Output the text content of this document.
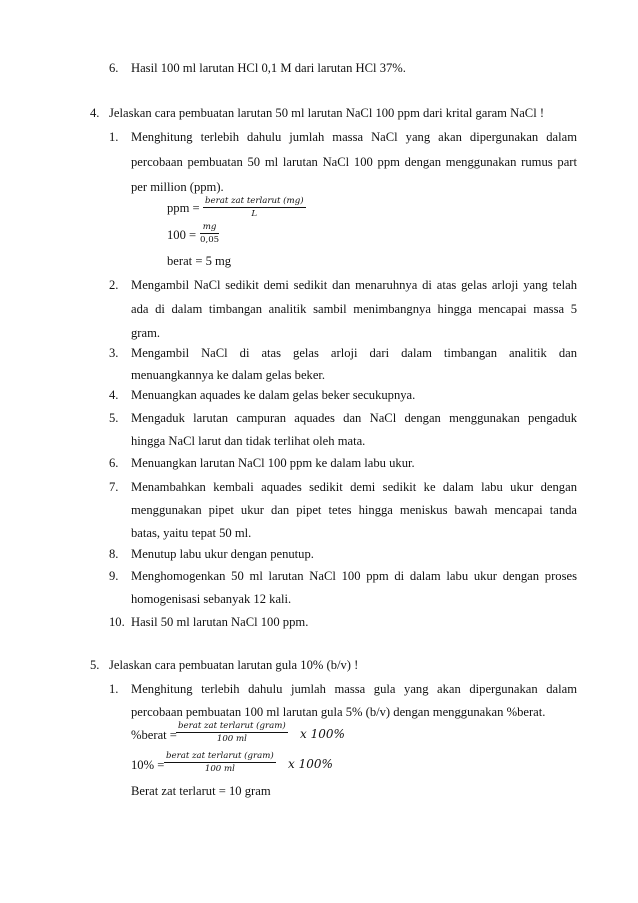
6. Hasil 100 ml larutan HCl 0,1 M dari larutan HCl 37%.
4. Jelaskan cara pembuatan larutan 50 ml larutan NaCl 100 ppm dari krital garam NaCl !
1. Menghitung terlebih dahulu jumlah massa NaCl yang akan dipergunakan dalam
percobaan pembuatan 50 ml larutan NaCl 100 ppm dengan menggunakan rumus part
per million (ppm).
ppm = berat zat terlarut (mg)
L
$100 = \frac{mg}{0,05}$
berat = 5 mg
2. Mengambil NaCl sedikit demi sedikit dan menaruhnya di atas gelas arloji yang telah
ada di dalam timbangan analitik sambil menimbangnya hingga mencapai massa 5
gram.
3. Mengambil NaCl di atas gelas arloji dari dalam timbangan analitik dan
menuangkannya ke dalam gelas beker.
4. Menuangkan aquades ke dalam gelas beker secukupnya.
5. Mengaduk larutan campuran aquades dan NaCl dengan menggunakan pengaduk
hingga NaCl larut dan tidak terlihat oleh mata.
6. Menuangkan larutan NaCl 100 ppm ke dalam labu ukur.
7. Menambahkan kembali aquades sedikit demi sedikit ke dalam labu ukur dengan
menggunakan pipet ukur dan pipet tetes hingga meniskus bawah mencapai tanda
batas, yaitu tepat 50 ml.
8. Menutup labu ukur dengan penutup.
9. Menghomogenkan 50 ml larutan NaCl 100 ppm di dalam labu ukur dengan proses
homogenisasi sebanyak 12 kali.
10. Hasil 50 ml larutan NaCl 100 ppm.
5. Jelaskan cara pembuatan larutan gula 10% (b/v) !
1. Menghitung terlebih dahulu jumlah massa gula yang akan dipergunakan dalam
percobaan pembuatan 100 ml larutan gula 5% (b/v) dengan menggunakan %berat.
%berat =
berat zat terlarut (gram)
100 ml	x 100%
10% =
berat zat terlarut (gram)
100 ml	x 100%
Berat zat terlarut = 10 gram
